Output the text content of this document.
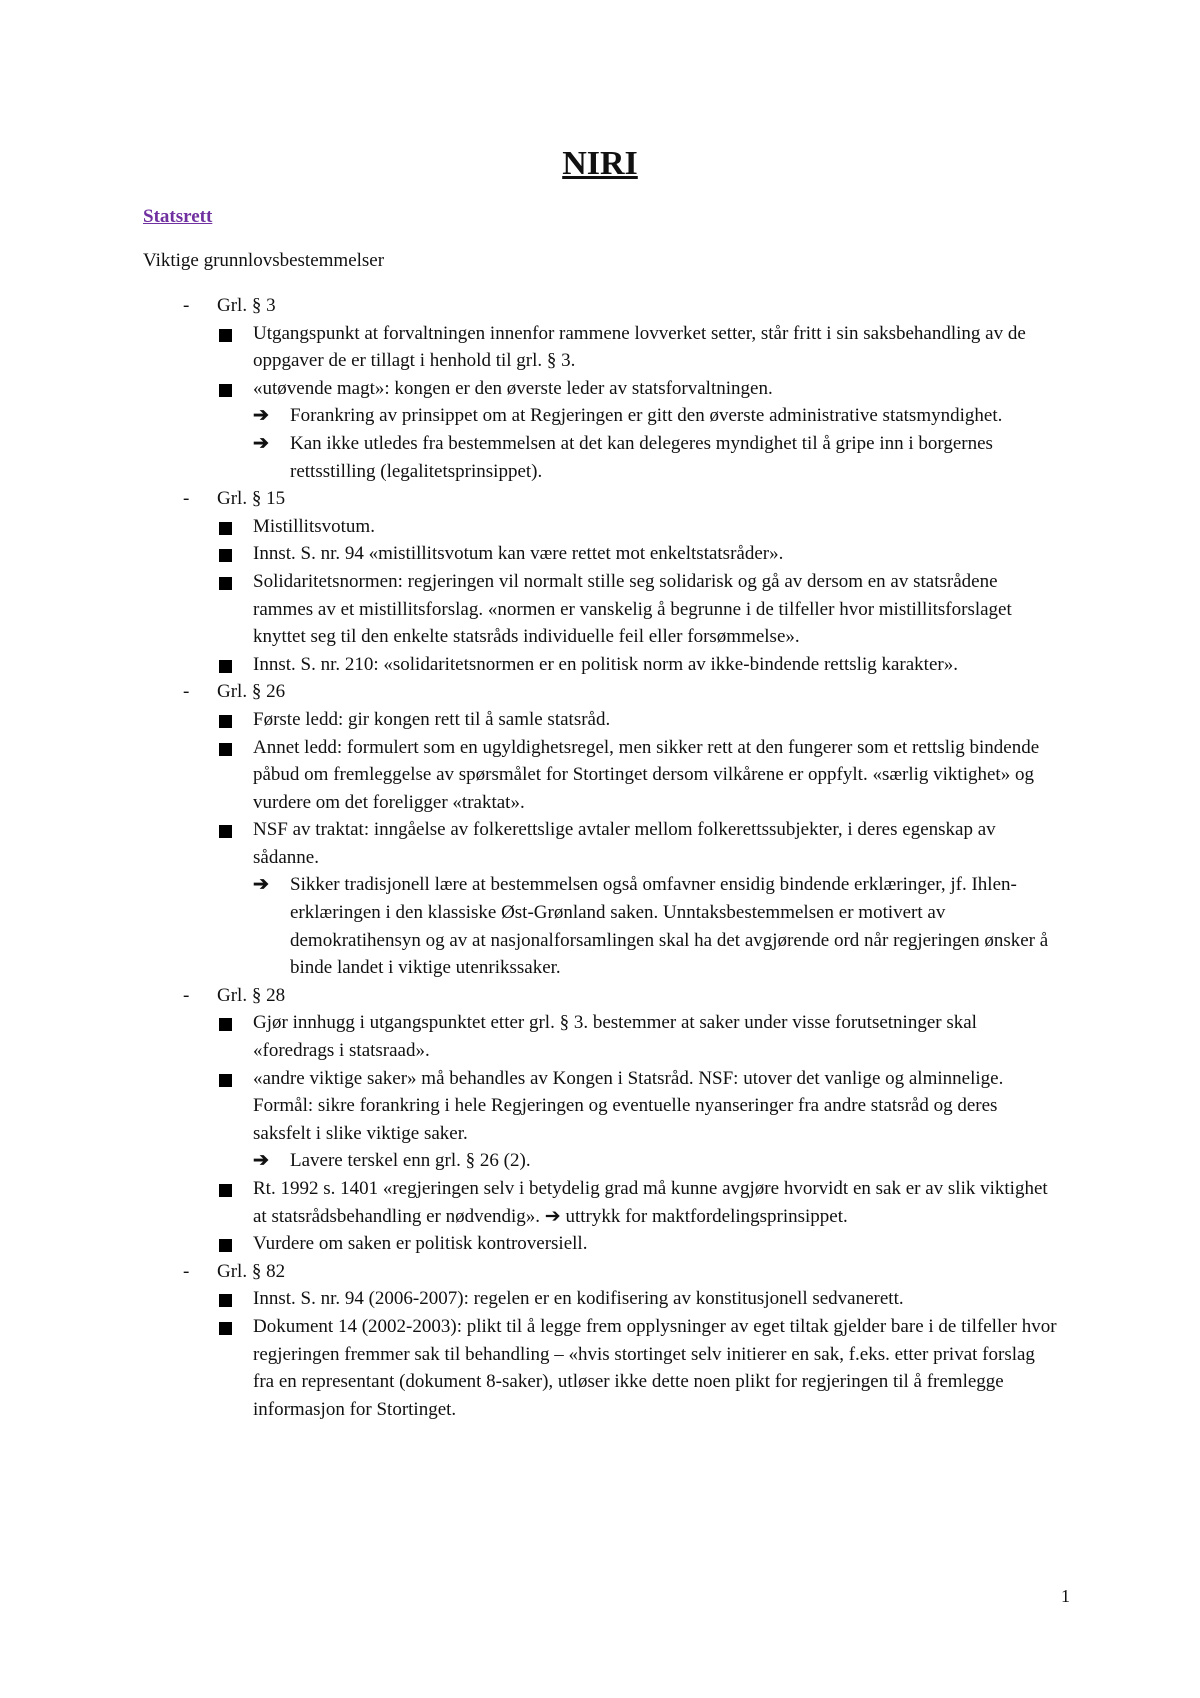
NIRI
Statsrett
Viktige grunnlovsbestemmelser
- Grl. § 3
Utgangspunkt at forvaltningen innenfor rammene lovverket setter, står fritt i sin saksbehandling av de oppgaver de er tillagt i henhold til grl. § 3.
«utøvende magt»: kongen er den øverste leder av statsforvaltningen.
➔ Forankring av prinsippet om at Regjeringen er gitt den øverste administrative statsmyndighet.
➔ Kan ikke utledes fra bestemmelsen at det kan delegeres myndighet til å gripe inn i borgernes rettsstilling (legalitetsprinsippet).
- Grl. § 15
Mistillitsvotum.
Innst. S. nr. 94 «mistillitsvotum kan være rettet mot enkeltstatsråder».
Solidaritetsnormen: regjeringen vil normalt stille seg solidarisk og gå av dersom en av statsrådene rammes av et mistillitsforslag. «normen er vanskelig å begrunne i de tilfeller hvor mistillitsforslaget knyttet seg til den enkelte statsråds individuelle feil eller forsømmelse».
Innst. S. nr. 210: «solidaritetsnormen er en politisk norm av ikke-bindende rettslig karakter».
- Grl. § 26
Første ledd: gir kongen rett til å samle statsråd.
Annet ledd: formulert som en ugyldighetsregel, men sikker rett at den fungerer som et rettslig bindende påbud om fremleggelse av spørsmålet for Stortinget dersom vilkårene er oppfylt. «særlig viktighet» og vurdere om det foreligger «traktat».
NSF av traktat: inngåelse av folkerettslige avtaler mellom folkerettssubjekter, i deres egenskap av sådanne.
➔ Sikker tradisjonell lære at bestemmelsen også omfavner ensidig bindende erklæringer, jf. Ihlen-erklæringen i den klassiske Øst-Grønland saken. Unntaksbestemmelsen er motivert av demokratihensyn og av at nasjonalforsamlingen skal ha det avgjørende ord når regjeringen ønsker å binde landet i viktige utenrikssaker.
- Grl. § 28
Gjør innhugg i utgangspunktet etter grl. § 3. bestemmer at saker under visse forutsetninger skal «foredrags i statsraad».
«andre viktige saker» må behandles av Kongen i Statsråd. NSF: utover det vanlige og alminnelige. Formål: sikre forankring i hele Regjeringen og eventuelle nyanseringer fra andre statsråd og deres saksfelt i slike viktige saker.
➔ Lavere terskel enn grl. § 26 (2).
Rt. 1992 s. 1401 «regjeringen selv i betydelig grad må kunne avgjøre hvorvidt en sak er av slik viktighet at statsrådsbehandling er nødvendig». ➔ uttrykk for maktfordelingsprinsippet.
Vurdere om saken er politisk kontroversiell.
- Grl. § 82
Innst. S. nr. 94 (2006-2007): regelen er en kodifisering av konstitusjonell sedvanerett.
Dokument 14 (2002-2003): plikt til å legge frem opplysninger av eget tiltak gjelder bare i de tilfeller hvor regjeringen fremmer sak til behandling – «hvis stortinget selv initierer en sak, f.eks. etter privat forslag fra en representant (dokument 8-saker), utløser ikke dette noen plikt for regjeringen til å fremlegge informasjon for Stortinget.
1
